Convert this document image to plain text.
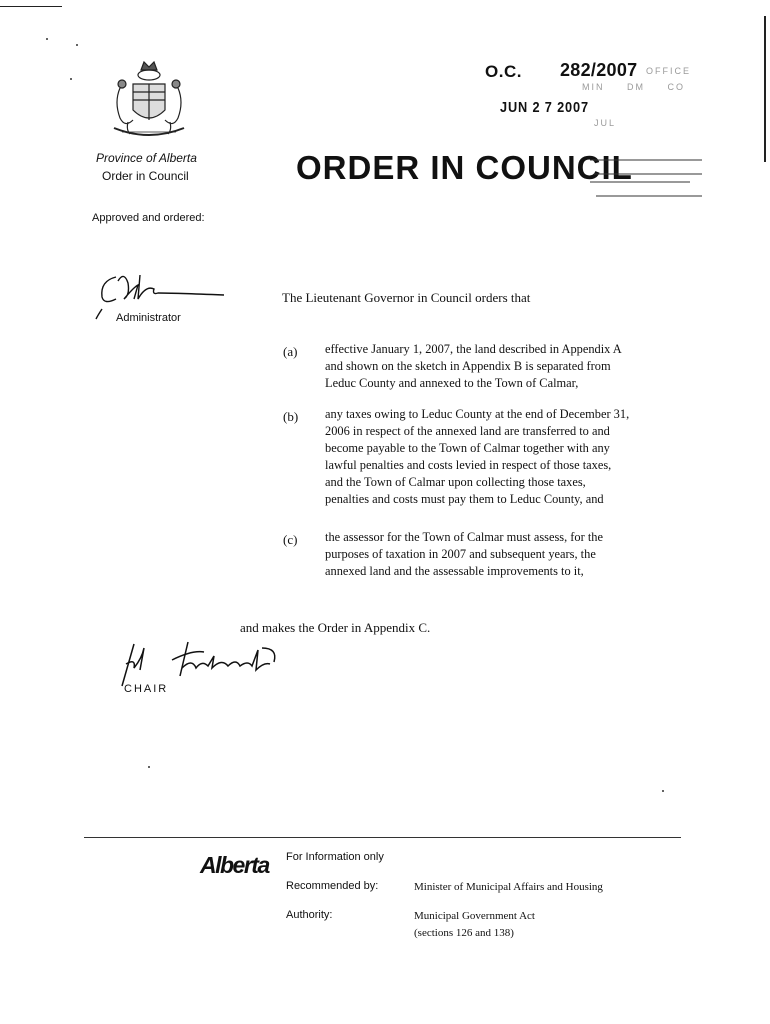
Province of Alberta
Order in Council
Approved and ordered:
O.C. 282/2007 OFFICE
MIN     DM     CO
JUN 2 7 2007
JUL
ORDER IN COUNCIL
Administrator
The Lieutenant Governor in Council orders that
(a) effective January 1, 2007, the land described in Appendix A
and shown on the sketch in Appendix B is separated from
Leduc County and annexed to the Town of Calmar,
(b) any taxes owing to Leduc County at the end of December 31,
2006 in respect of the annexed land are transferred to and
become payable to the Town of Calmar together with any
lawful penalties and costs levied in respect of those taxes,
and the Town of Calmar upon collecting those taxes,
penalties and costs must pay them to Leduc County, and
(c) the assessor for the Town of Calmar must assess, for the
purposes of taxation in 2007 and subsequent years, the
annexed land and the assessable improvements to it,
and makes the Order in Appendix C.
CHAIR
Alberta For Information only
Recommended by:	Minister of Municipal Affairs and Housing
Authority:	Municipal Government Act
(sections 126 and 138)
